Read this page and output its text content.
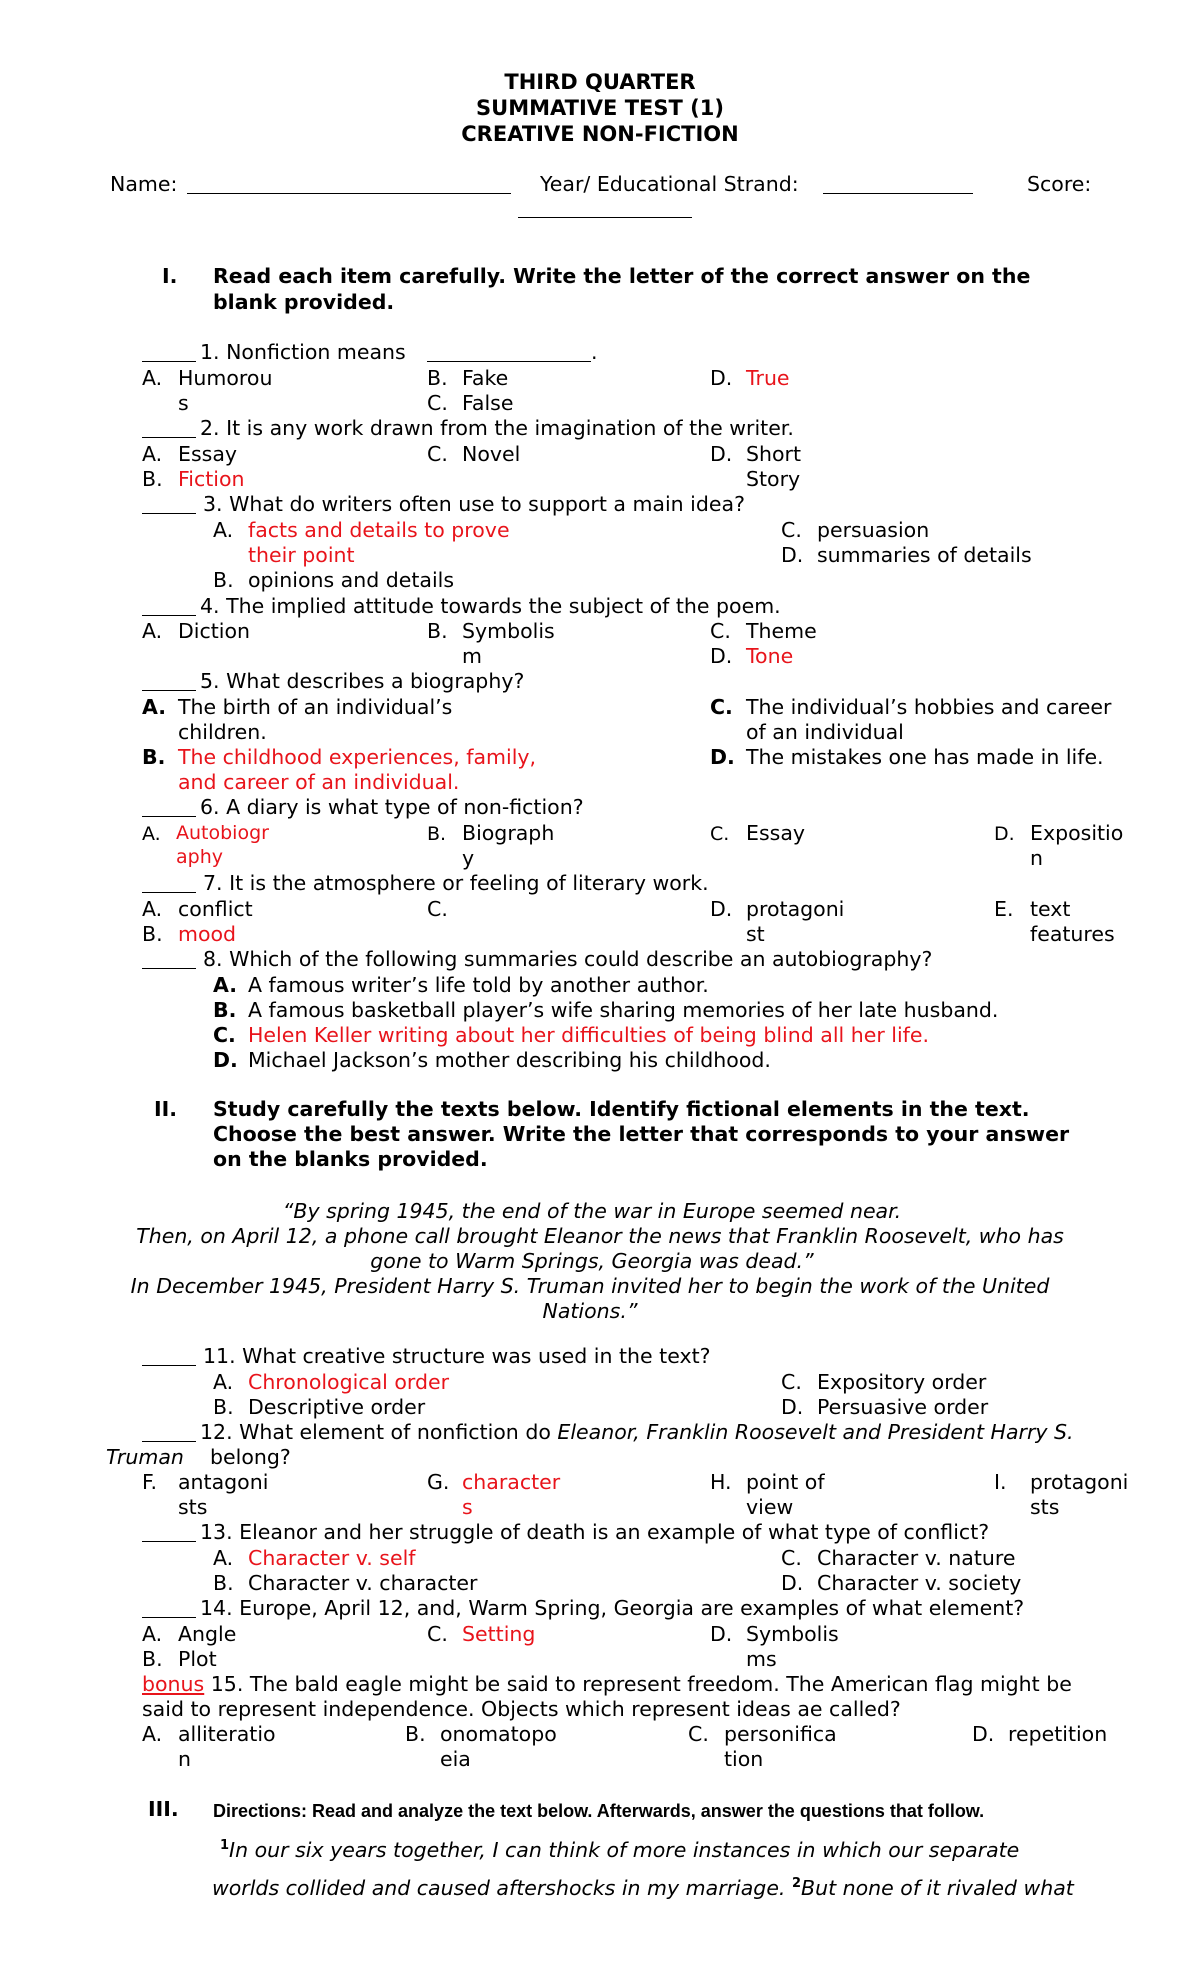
THIRD QUARTER
SUMMATIVE TEST (1)
CREATIVE NON-FICTION
Name:	Year/ Educational Strand:	Score:
I. Read each item carefully. Write the letter of the correct answer on the
blank provided.
1. Nonfiction means	.
A. Humorou
s
B. Fake
C. False
D. True
2. It is any work drawn from the imagination of the writer.
A. Essay
B. Fiction
C. Novel	D. Short
Story
3. What do writers often use to support a main idea?
A. facts and details to prove
their point
B. opinions and details
C. persuasion
D. summaries of details
4. The implied attitude towards the subject of the poem.
A. Diction	B. Symbolis
m
C. Theme
D. Tone
5. What describes a biography?
A. The birth of an individual’s
children.
B. The childhood experiences, family,
and career of an individual.
C. The individual’s hobbies and career
of an individual
D. The mistakes one has made in life.
6. A diary is what type of non-fiction?
A. Autobiogr
aphy
B. Biograph
y
C. Essay	D. Expositio
n
7. It is the atmosphere or feeling of literary work.
A. conflict
B. mood
C.	D. protagoni
st
E. text
features
8. Which of the following summaries could describe an autobiography?
A. A famous writer’s life told by another author.
B. A famous basketball player’s wife sharing memories of her late husband.
C. Helen Keller writing about her difficulties of being blind all her life.
D. Michael Jackson’s mother describing his childhood.
II. Study carefully the texts below. Identify fictional elements in the text.
Choose the best answer. Write the letter that corresponds to your answer
on the blanks provided.
“By spring 1945, the end of the war in Europe seemed near.
Then, on April 12, a phone call brought Eleanor the news that Franklin Roosevelt, who has
gone to Warm Springs, Georgia was dead.”
In December 1945, President Harry S. Truman invited her to begin the work of the United
Nations.”
11. What creative structure was used in the text?
A. Chronological order
B. Descriptive order
C. Expository order
D. Persuasive order
12. What element of nonfiction do Eleanor, Franklin Roosevelt and President Harry S.
Truman belong?
F. antagoni
sts
G. character
s
H. point of
view
I. protagoni
sts
13. Eleanor and her struggle of death is an example of what type of conflict?
A. Character v. self
B. Character v. character
C. Character v. nature
D. Character v. society
14. Europe, April 12, and, Warm Spring, Georgia are examples of what element?
A. Angle
B. Plot
C. Setting	D. Symbolis
ms
bonus 15. The bald eagle might be said to represent freedom. The American flag might be
said to represent independence. Objects which represent ideas ae called?
A. alliteratio
n
B. onomatopo
eia
C. personifica
tion
D. repetition
III. Directions: Read and analyze the text below. Afterwards, answer the questions that follow.
$^1$In our six years together, I can think of more instances in which our separate
worlds collided and caused aftershocks in my marriage. $^2$But none of it rivaled what
